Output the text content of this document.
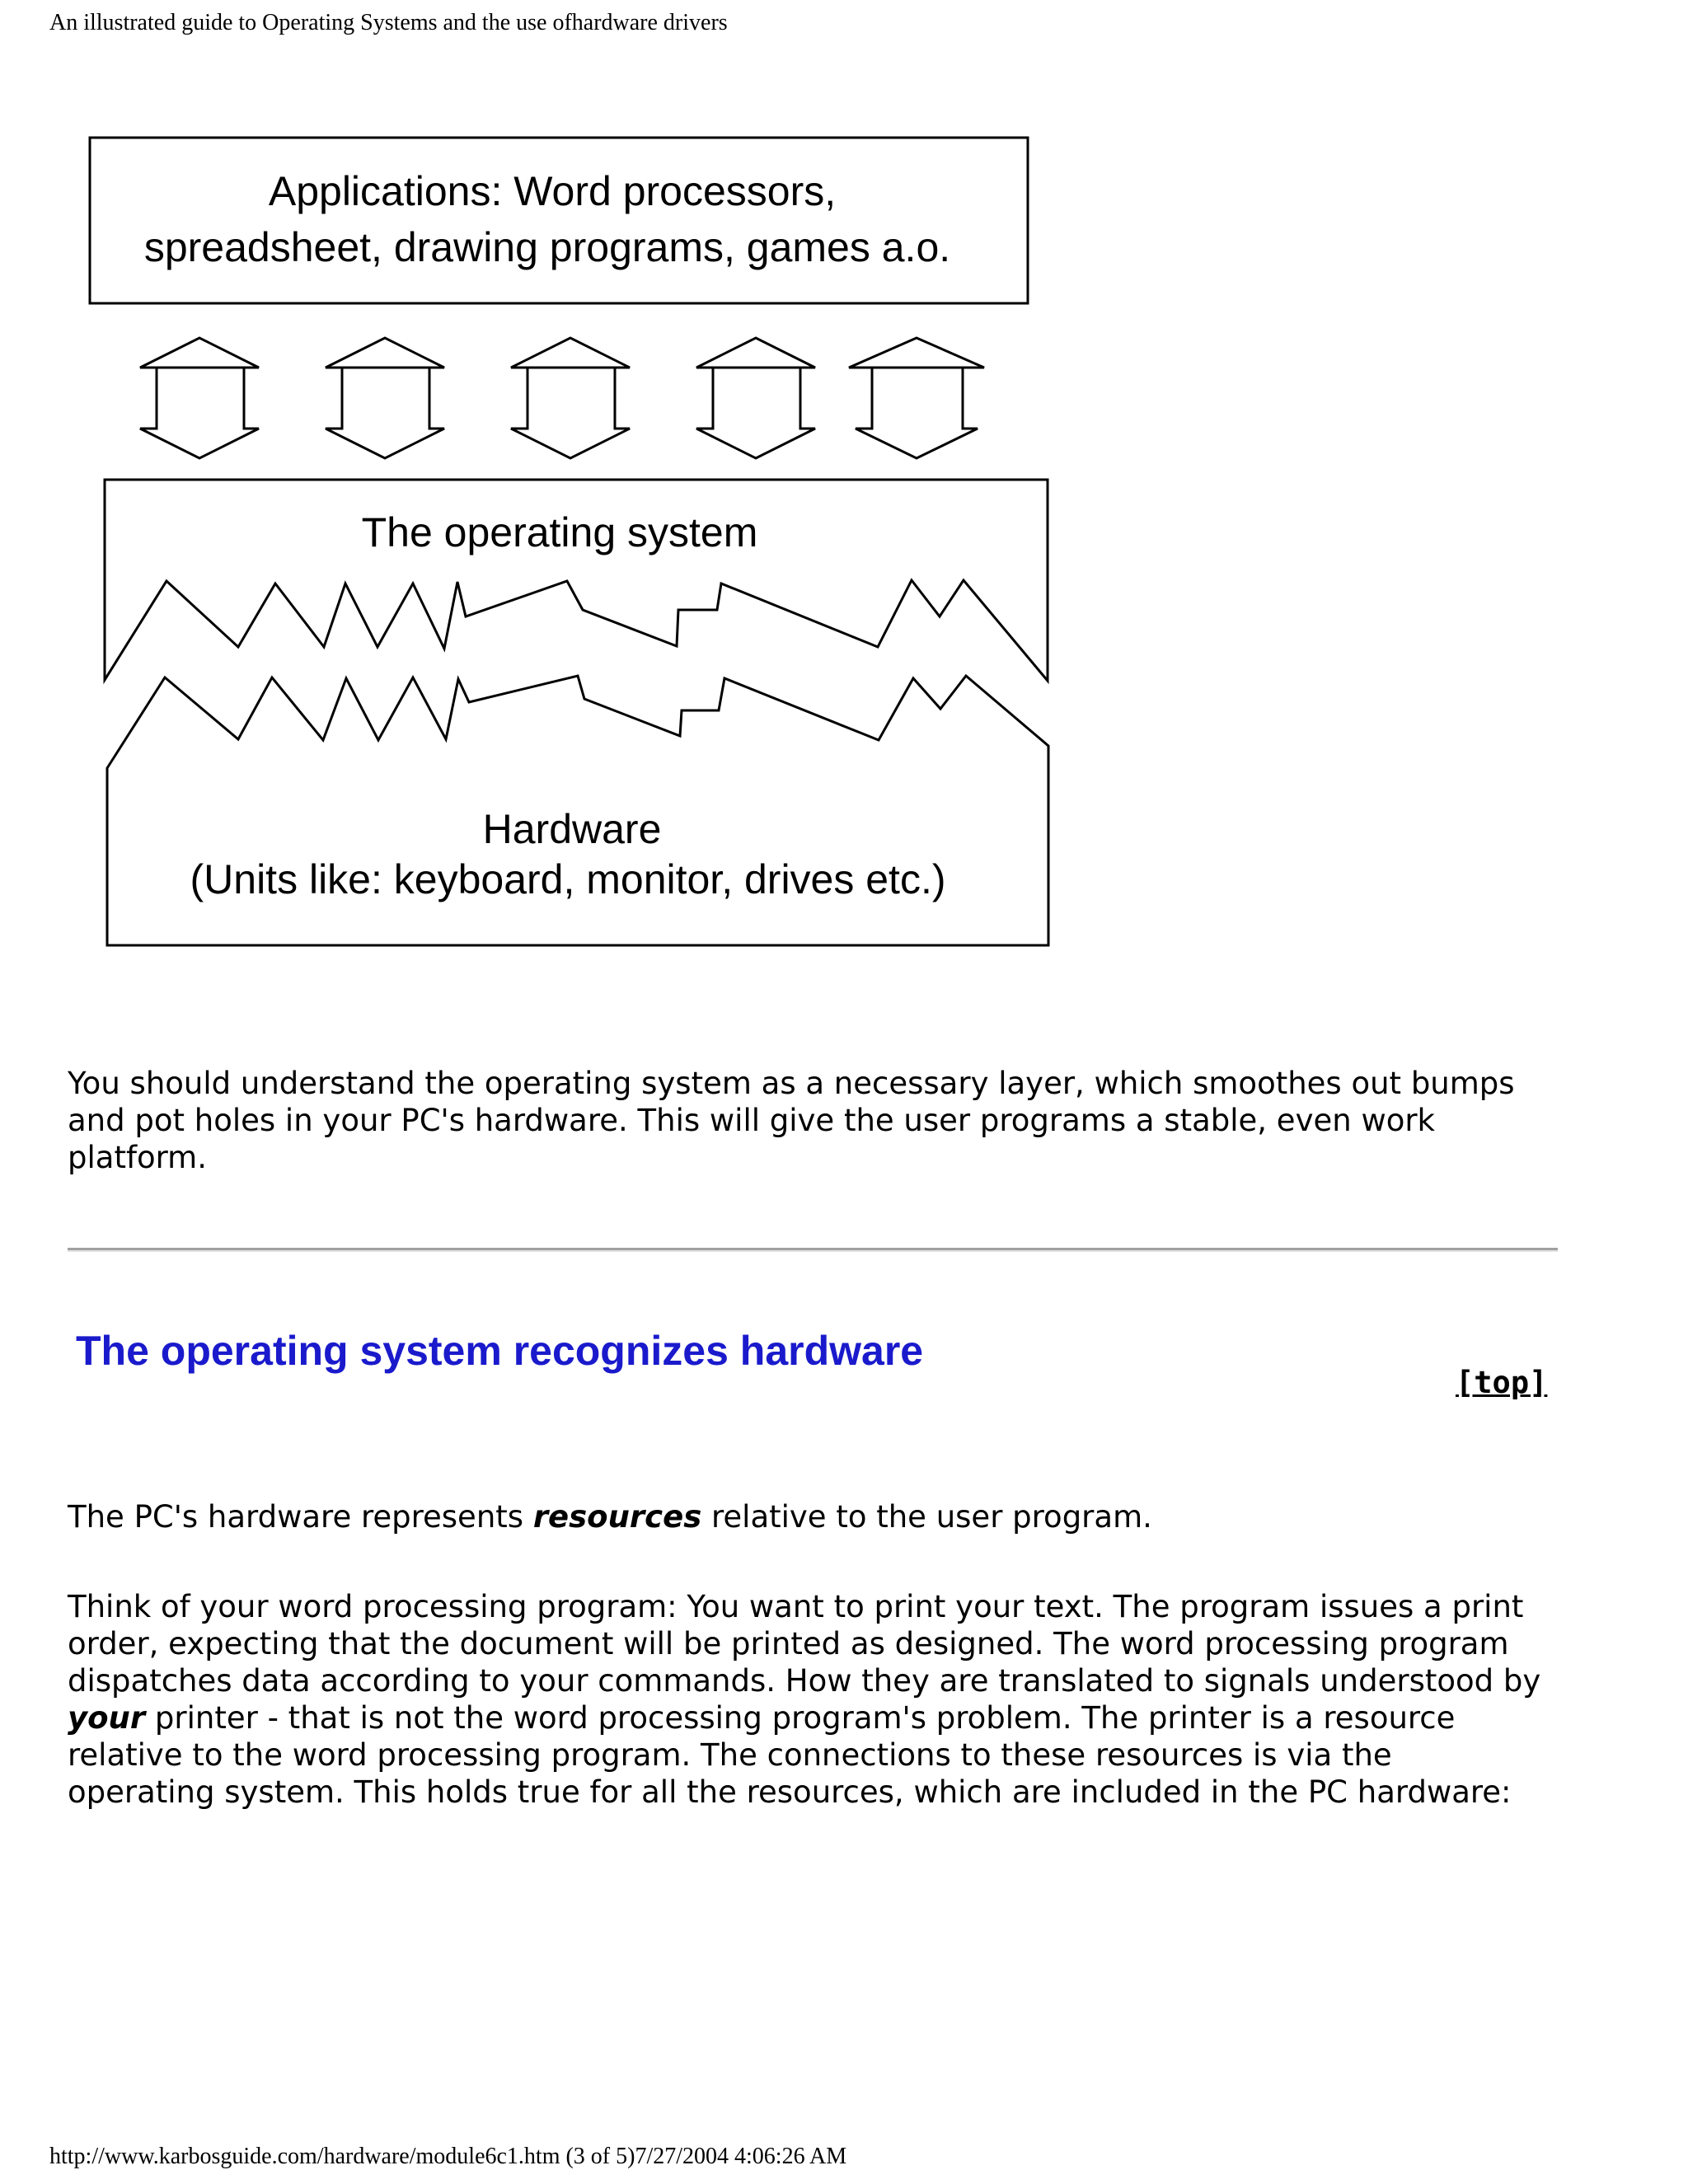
An illustrated guide to Operating Systems and the use ofhardware drivers
Applications: Word processors,
spreadsheet, drawing programs, games a.o.
The operating system
Hardware
(Units like: keyboard, monitor, drives etc.)

You should understand the operating system as a necessary layer, which smoothes out bumps and pot holes in your PC's hardware. This will give the user programs a stable, even work platform.

The operating system recognizes hardware
[top]

The PC's hardware represents resources relative to the user program.

Think of your word processing program: You want to print your text. The program issues a print order, expecting that the document will be printed as designed. The word processing program dispatches data according to your commands. How they are translated to signals understood by your printer - that is not the word processing program's problem. The printer is a resource relative to the word processing program. The connections to these resources is via the operating system. This holds true for all the resources, which are included in the PC hardware:

http://www.karbosguide.com/hardware/module6c1.htm (3 of 5)7/27/2004 4:06:26 AM
